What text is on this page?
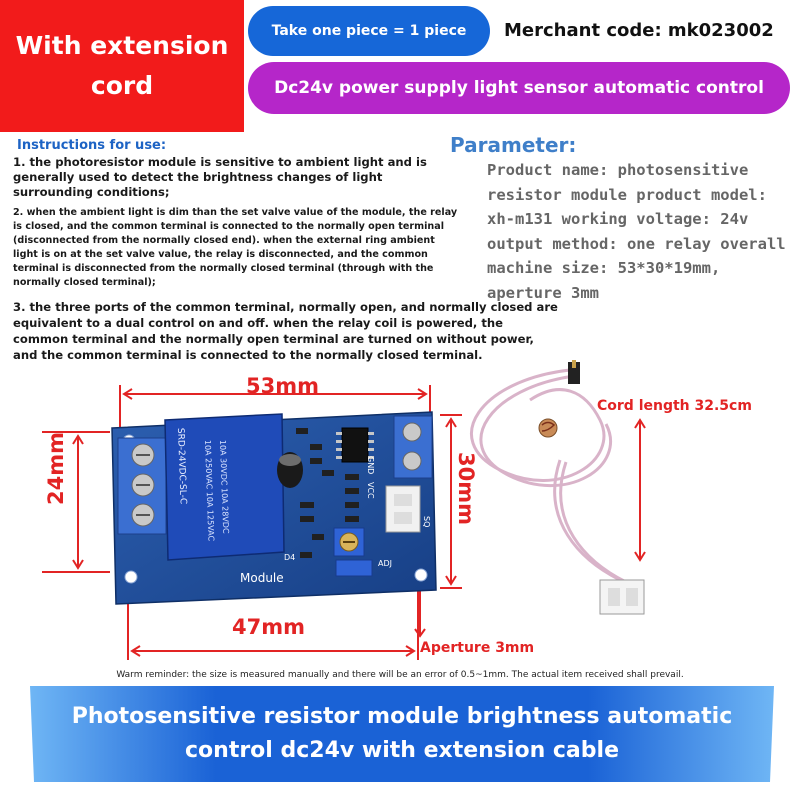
With extension cord
Take one piece = 1 piece	Merchant code: mk023002
Dc24v power supply light sensor automatic control
Instructions for use:
1. the photoresistor module is sensitive to ambient light and is generally used to detect the brightness changes of light surrounding conditions;
2. when the ambient light is dim than the set valve value of the module, the relay is closed, and the common terminal is connected to the normally open terminal (disconnected from the normally closed end). when the external ring ambient light is on at the set valve value, the relay is disconnected, and the common terminal is disconnected from the normally closed terminal (through with the normally closed terminal);
3. the three ports of the common terminal, normally open, and normally closed are equivalent to a dual control on and off. when the relay coil is powered, the common terminal and the normally open terminal are turned on without power, and the common terminal is connected to the normally closed terminal.
Parameter:
Product name: photosensitive resistor module product model: xh-m131 working voltage: 24v output method: one relay overall machine size: 53*30*19mm, aperture 3mm
10A 250VAC 10A 125VAC 10A 30VDC 10A 28VDC
SRD-24VDC-SL-C
Module
ADJ
GND
VCC
SQ
D4
53mm
24mm	30mm
47mm
Cord length 32.5cm
Aperture 3mm
Warm reminder: the size is measured manually and there will be an error of 0.5~1mm. The actual item received shall prevail.
Photosensitive resistor module brightness automatic control dc24v with extension cable
